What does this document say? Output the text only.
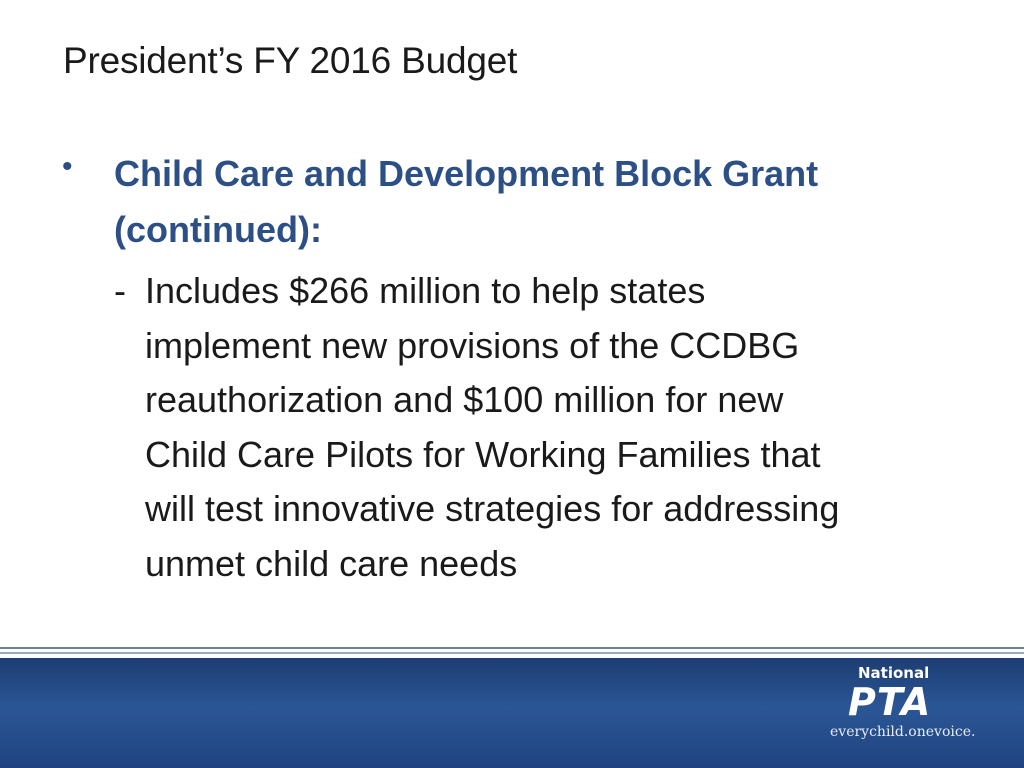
President’s FY 2016 Budget
• Child Care and Development Block Grant (continued):
- Includes $266 million to help states
implement new provisions of the CCDBG
reauthorization and $100 million for new
Child Care Pilots for Working Families that
will test innovative strategies for addressing
unmet child care needs
National
PTA
everychild.onevoice.
